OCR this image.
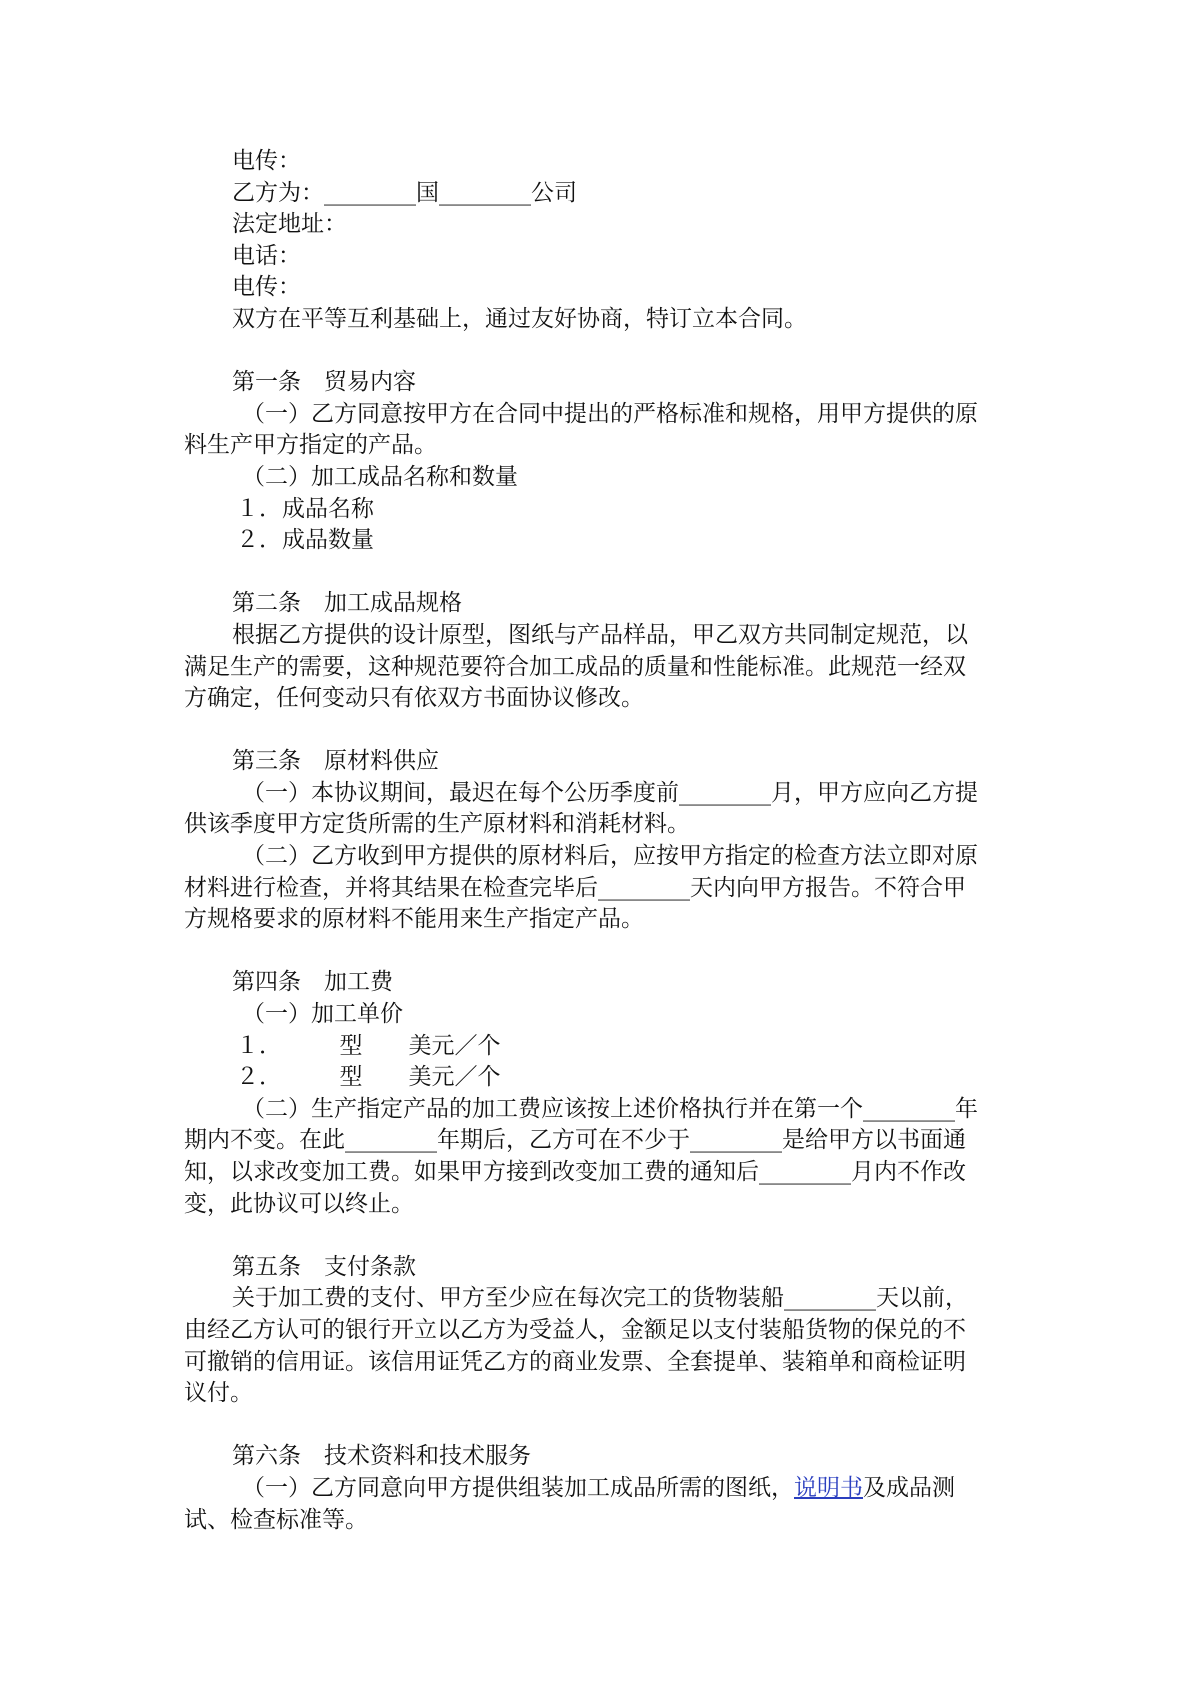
电传：

乙方为：________国________公司

法定地址：

电话：

电传：

双方在平等互利基础上，通过友好协商，特订立本合同。

第一条　贸易内容

（一）乙方同意按甲方在合同中提出的严格标准和规格，用甲方提供的原

料生产甲方指定的产品。

（二）加工成品名称和数量

１．成品名称

２．成品数量

第二条　加工成品规格

根据乙方提供的设计原型，图纸与产品样品，甲乙双方共同制定规范，以

满足生产的需要，这种规范要符合加工成品的质量和性能标准。此规范一经双

方确定，任何变动只有依双方书面协议修改。

第三条　原材料供应

（一）本协议期间，最迟在每个公历季度前________月，甲方应向乙方提

供该季度甲方定货所需的生产原材料和消耗材料。

（二）乙方收到甲方提供的原材料后，应按甲方指定的检查方法立即对原

材料进行检查，并将其结果在检查完毕后________天内向甲方报告。不符合甲

方规格要求的原材料不能用来生产指定产品。

第四条　加工费

（一）加工单价

１．　　　型　　美元／个

２．　　　型　　美元／个

（二）生产指定产品的加工费应该按上述价格执行并在第一个________年

期内不变。在此________年期后，乙方可在不少于________是给甲方以书面通

知，以求改变加工费。如果甲方接到改变加工费的通知后________月内不作改

变，此协议可以终止。

第五条　支付条款

关于加工费的支付、甲方至少应在每次完工的货物装船________天以前，

由经乙方认可的银行开立以乙方为受益人，金额足以支付装船货物的保兑的不

可撤销的信用证。该信用证凭乙方的商业发票、全套提单、装箱单和商检证明

议付。

第六条　技术资料和技术服务

（一）乙方同意向甲方提供组装加工成品所需的图纸，说明书及成品测

试、检查标准等。
